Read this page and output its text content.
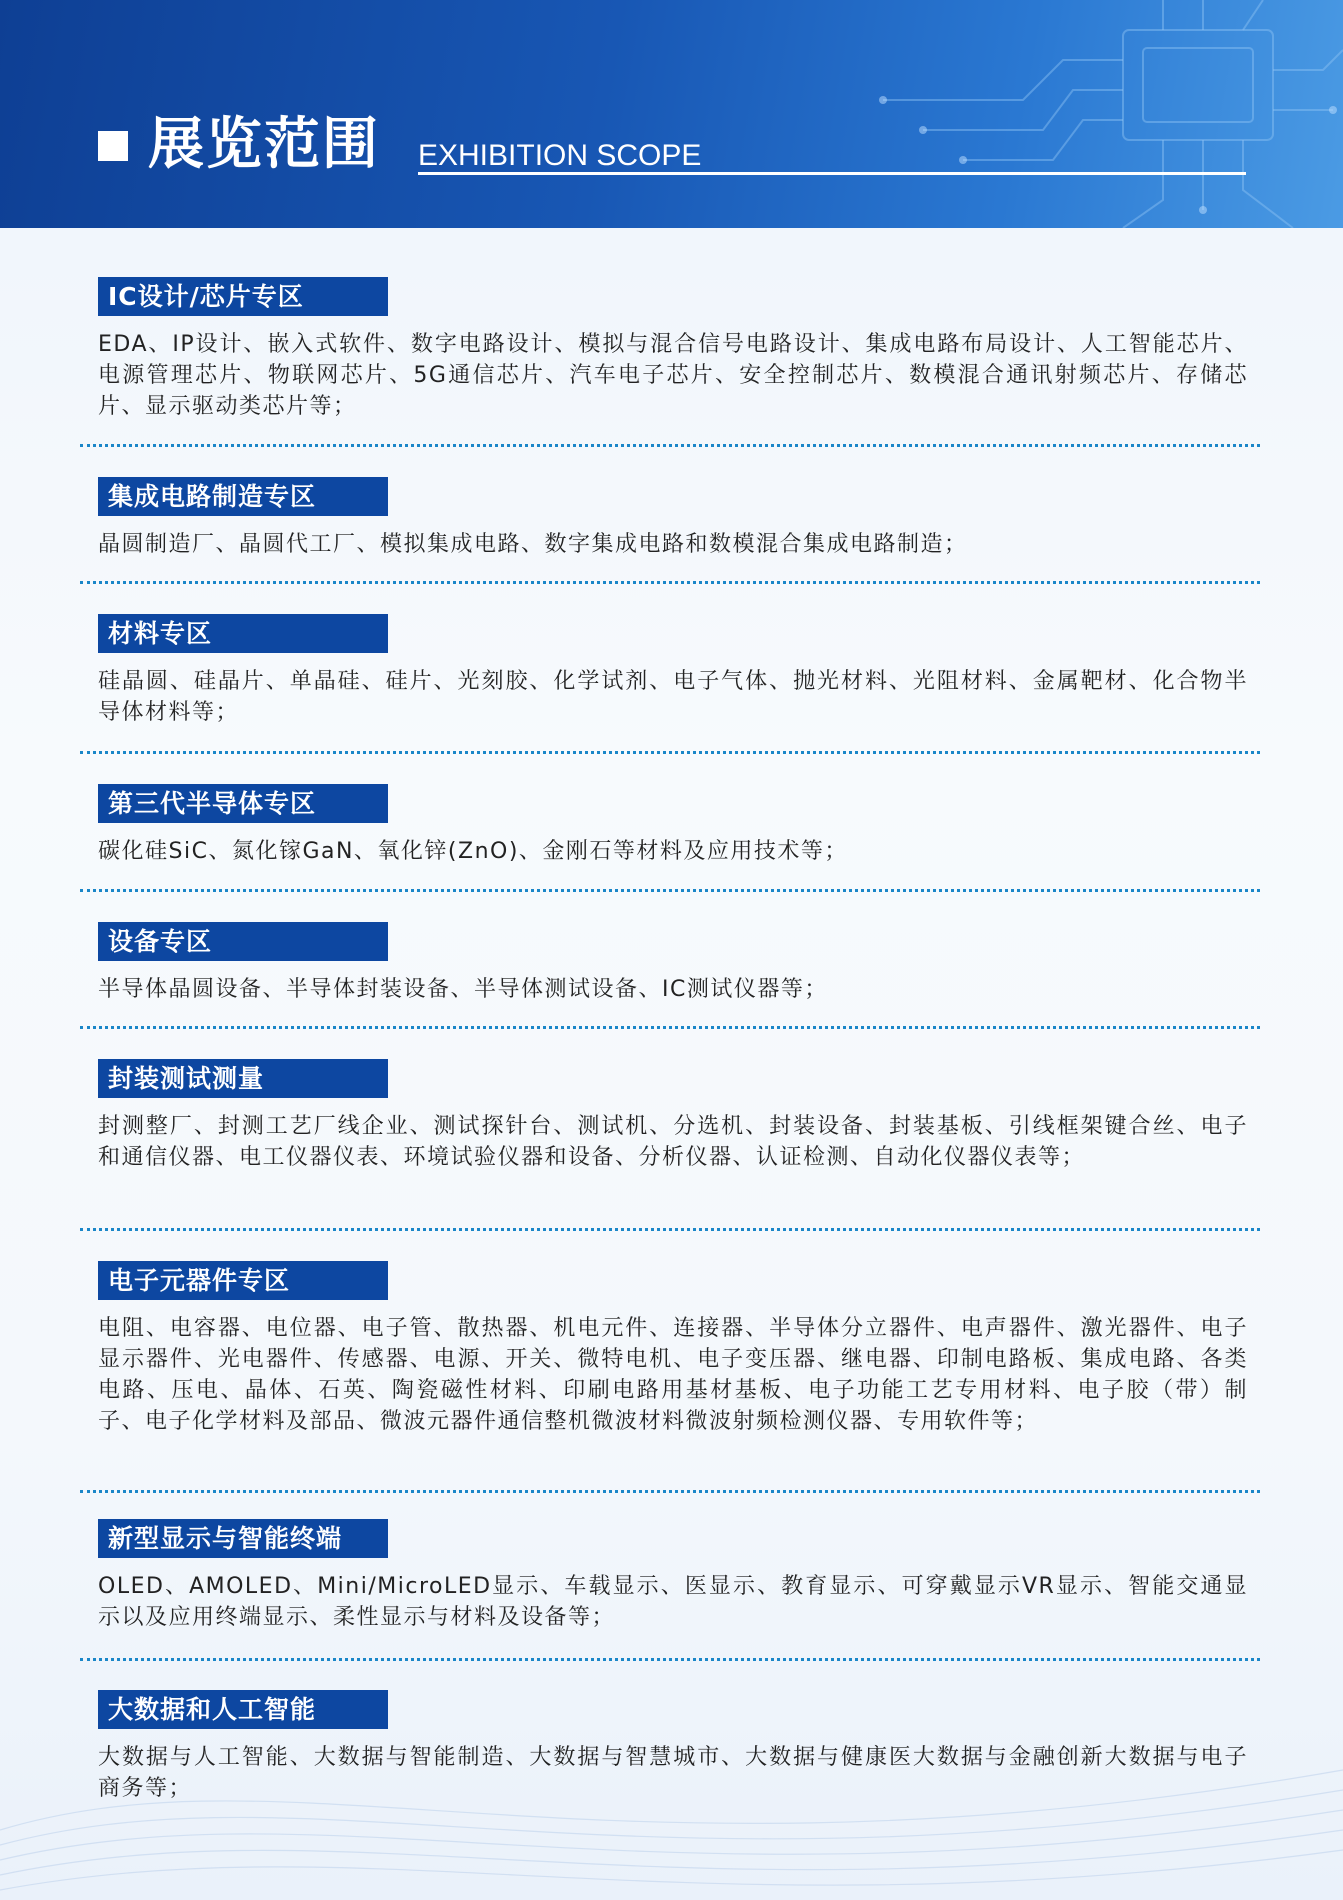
展览范围 EXHIBITION SCOPE
IC设计/芯片专区
EDA、IP设计、嵌入式软件、数字电路设计、模拟与混合信号电路设计、集成电路布局设计、人工智能芯片、电源管理芯片、物联网芯片、5G通信芯片、汽车电子芯片、安全控制芯片、数模混合通讯射频芯片、存储芯片、显示驱动类芯片等；
集成电路制造专区
晶圆制造厂、晶圆代工厂、模拟集成电路、数字集成电路和数模混合集成电路制造；
材料专区
硅晶圆、硅晶片、单晶硅、硅片、光刻胶、化学试剂、电子气体、抛光材料、光阻材料、金属靶材、化合物半导体材料等；
第三代半导体专区
碳化硅SiC、氮化镓GaN、氧化锌(ZnO)、金刚石等材料及应用技术等；
设备专区
半导体晶圆设备、半导体封装设备、半导体测试设备、IC测试仪器等；
封装测试测量
封测整厂、封测工艺厂线企业、测试探针台、测试机、分选机、封装设备、封装基板、引线框架键合丝、电子和通信仪器、电工仪器仪表、环境试验仪器和设备、分析仪器、认证检测、自动化仪器仪表等；
电子元器件专区
电阻、电容器、电位器、电子管、散热器、机电元件、连接器、半导体分立器件、电声器件、激光器件、电子显示器件、光电器件、传感器、电源、开关、微特电机、电子变压器、继电器、印制电路板、集成电路、各类电路、压电、晶体、石英、陶瓷磁性材料、印刷电路用基材基板、电子功能工艺专用材料、电子胶（带）制子、电子化学材料及部品、微波元器件通信整机微波材料微波射频检测仪器、专用软件等；
新型显示与智能终端
OLED、AMOLED、Mini/MicroLED显示、车载显示、医显示、教育显示、可穿戴显示VR显示、智能交通显示以及应用终端显示、柔性显示与材料及设备等；
大数据和人工智能
大数据与人工智能、大数据与智能制造、大数据与智慧城市、大数据与健康医大数据与金融创新大数据与电子商务等；
